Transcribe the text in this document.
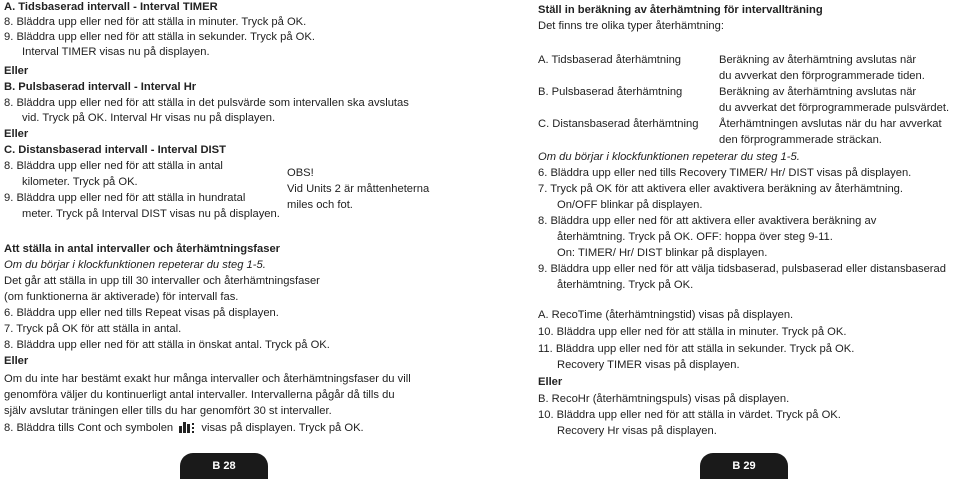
A. Tidsbaserad intervall - Interval TIMER
8. Bläddra upp eller ned för att ställa in minuter. Tryck på OK.
9. Bläddra upp eller ned för att ställa in sekunder. Tryck på OK.
Interval TIMER visas nu på displayen.
Eller
B. Pulsbaserad intervall - Interval Hr
8. Bläddra upp eller ned för att ställa in det pulsvärde som intervallen ska avslutas
vid. Tryck på OK. Interval Hr visas nu på displayen.
Eller
C. Distansbaserad intervall - Interval DIST
8. Bläddra upp eller ned för att ställa in antal
kilometer. Tryck på OK.
9. Bläddra upp eller ned för att ställa in hundratal
meter. Tryck på Interval DIST visas nu på displayen.
OBS!
Vid Units 2 är måttenheterna
miles och fot.
Att ställa in antal intervaller och återhämtningsfaser
Om du börjar i klockfunktionen repeterar du steg 1-5.
Det går att ställa in upp till 30 intervaller och återhämtningsfaser
(om funktionerna är aktiverade) för intervall fas.
6. Bläddra upp eller ned tills Repeat visas på displayen.
7. Tryck på OK för att ställa in antal.
8. Bläddra upp eller ned för att ställa in önskat antal. Tryck på OK.
Eller
Om du inte har bestämt exakt hur många intervaller och återhämtningsfaser du vill
genomföra väljer du kontinuerligt antal intervaller. Intervallerna pågår då tills du
själv avslutar träningen eller tills du har genomfört 30 st intervaller.
8. Bläddra tills Cont och symbolen	visas på displayen. Tryck på OK.
B 28
Ställ in beräkning av återhämtning för intervallträning
Det finns tre olika typer återhämtning:
A. Tidsbaserad återhämtning	Beräkning av återhämtning avslutas när
du avverkat den förprogrammerade tiden.
B. Pulsbaserad återhämtning	Beräkning av återhämtning avslutas när
du avverkat det förprogrammerade pulsvärdet.
C. Distansbaserad återhämtning Återhämtningen avslutas när du har avverkat
den förprogrammerade sträckan.
Om du börjar i klockfunktionen repeterar du steg 1-5.
6. Bläddra upp eller ned tills Recovery TIMER/ Hr/ DIST visas på displayen.
7. Tryck på OK för att aktivera eller avaktivera beräkning av återhämtning.
On/OFF blinkar på displayen.
8. Bläddra upp eller ned för att aktivera eller avaktivera beräkning av
återhämtning. Tryck på OK. OFF: hoppa över steg 9-11.
On: TIMER/ Hr/ DIST blinkar på displayen.
9. Bläddra upp eller ned för att välja tidsbaserad, pulsbaserad eller distansbaserad
återhämtning. Tryck på OK.
A. RecoTime (återhämtningstid) visas på displayen.
10. Bläddra upp eller ned för att ställa in minuter. Tryck på OK.
11. Bläddra upp eller ned för att ställa in sekunder. Tryck på OK.
Recovery TIMER visas på displayen.
Eller
B. RecoHr (återhämtningspuls) visas på displayen.
10. Bläddra upp eller ned för att ställa in värdet. Tryck på OK.
Recovery Hr visas på displayen.
B 29
